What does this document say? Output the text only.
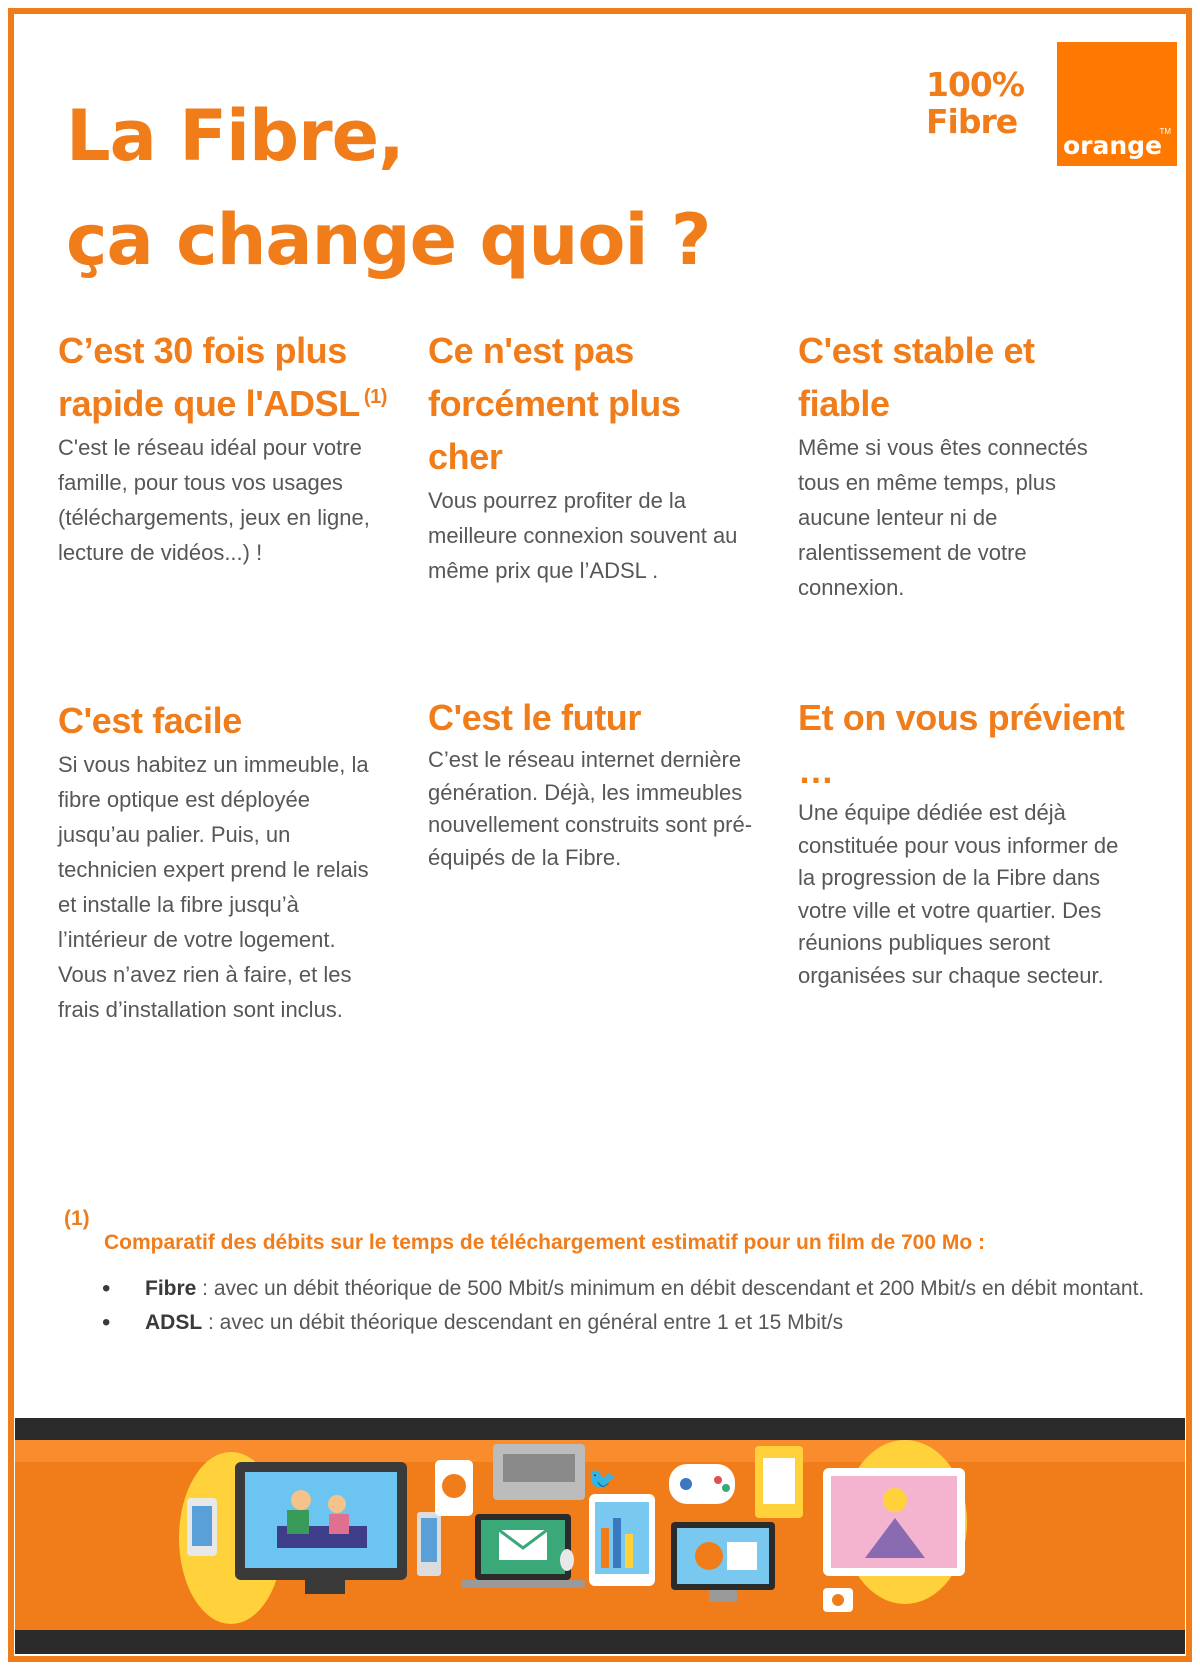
La Fibre,
ça change quoi ?
100%
Fibre	TM
orange
C’est 30 fois plus rapide que l'ADSL $^{(1)}$

C'est le réseau idéal pour votre famille, pour tous vos usages (téléchargements, jeux en ligne, lecture de vidéos...) !

Ce n'est pas forcément plus cher

Vous pourrez profiter de la meilleure connexion souvent au même prix que l’ADSL .

C'est stable et fiable

Même si vous êtes connectés tous en même temps, plus aucune lenteur ni de ralentissement de votre connexion.

C'est facile

Si vous habitez un immeuble, la fibre optique est déployée jusqu’au palier. Puis, un technicien expert prend le relais et installe la fibre jusqu’à l’intérieur de votre logement. Vous n’avez rien à faire, et les frais d’installation sont inclus.

C'est le futur

C’est le réseau internet dernière génération. Déjà, les immeubles nouvellement construits sont pré-équipés de la Fibre.

Et on vous prévient …

Une équipe dédiée est déjà constituée pour vous informer de la progression de la Fibre dans votre ville et votre quartier. Des réunions publiques seront organisées sur chaque secteur.

(1)

Comparatif des débits sur le temps de téléchargement estimatif pour un film de 700 Mo :

• Fibre : avec un débit théorique de 500 Mbit/s minimum en débit descendant et 200 Mbit/s en débit montant.
• ADSL : avec un débit théorique descendant en général entre 1 et 15 Mbit/s
🐦
